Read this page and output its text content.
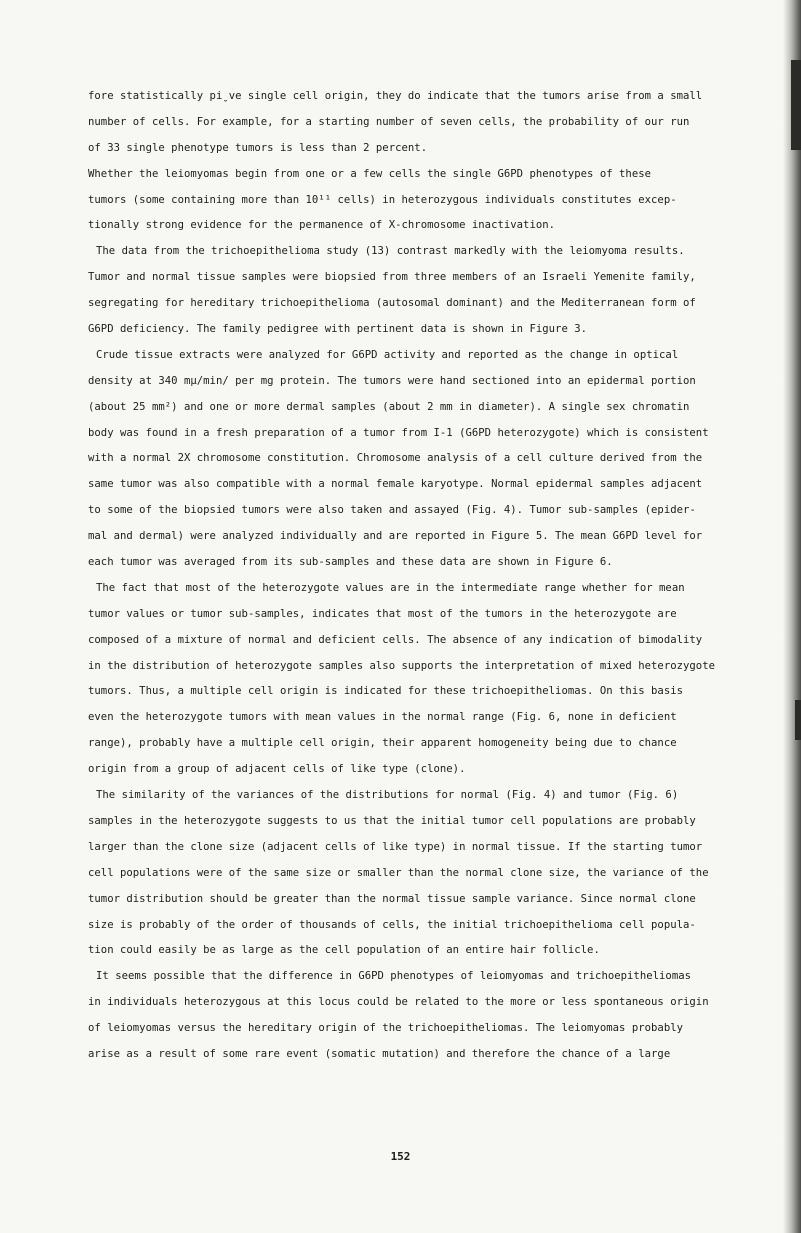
fore statistically piˬve single cell origin, they do indicate that the tumors arise from a small
number of cells. For example, for a starting number of seven cells, the probability of our run
of 33 single phenotype tumors is less than 2 percent.
Whether the leiomyomas begin from one or a few cells the single G6PD phenotypes of these
tumors (some containing more than 10¹¹ cells) in heterozygous individuals constitutes excep-
tionally strong evidence for the permanence of X-chromosome inactivation.
The data from the trichoepithelioma study (13) contrast markedly with the leiomyoma results.
Tumor and normal tissue samples were biopsied from three members of an Israeli Yemenite family,
segregating for hereditary trichoepithelioma (autosomal dominant) and the Mediterranean form of
G6PD deficiency. The family pedigree with pertinent data is shown in Figure 3.
Crude tissue extracts were analyzed for G6PD activity and reported as the change in optical
density at 340 mμ/min/ per mg protein. The tumors were hand sectioned into an epidermal portion
(about 25 mm²) and one or more dermal samples (about 2 mm in diameter). A single sex chromatin
body was found in a fresh preparation of a tumor from I-1 (G6PD heterozygote) which is consistent
with a normal 2X chromosome constitution. Chromosome analysis of a cell culture derived from the
same tumor was also compatible with a normal female karyotype. Normal epidermal samples adjacent
to some of the biopsied tumors were also taken and assayed (Fig. 4). Tumor sub-samples (epider-
mal and dermal) were analyzed individually and are reported in Figure 5. The mean G6PD level for
each tumor was averaged from its sub-samples and these data are shown in Figure 6.
The fact that most of the heterozygote values are in the intermediate range whether for mean
tumor values or tumor sub-samples, indicates that most of the tumors in the heterozygote are
composed of a mixture of normal and deficient cells. The absence of any indication of bimodality
in the distribution of heterozygote samples also supports the interpretation of mixed heterozygote
tumors. Thus, a multiple cell origin is indicated for these trichoepitheliomas. On this basis
even the heterozygote tumors with mean values in the normal range (Fig. 6, none in deficient
range), probably have a multiple cell origin, their apparent homogeneity being due to chance
origin from a group of adjacent cells of like type (clone).
The similarity of the variances of the distributions for normal (Fig. 4) and tumor (Fig. 6)
samples in the heterozygote suggests to us that the initial tumor cell populations are probably
larger than the clone size (adjacent cells of like type) in normal tissue. If the starting tumor
cell populations were of the same size or smaller than the normal clone size, the variance of the
tumor distribution should be greater than the normal tissue sample variance. Since normal clone
size is probably of the order of thousands of cells, the initial trichoepithelioma cell popula-
tion could easily be as large as the cell population of an entire hair follicle.
It seems possible that the difference in G6PD phenotypes of leiomyomas and trichoepitheliomas
in individuals heterozygous at this locus could be related to the more or less spontaneous origin
of leiomyomas versus the hereditary origin of the trichoepitheliomas. The leiomyomas probably
arise as a result of some rare event (somatic mutation) and therefore the chance of a large
152
